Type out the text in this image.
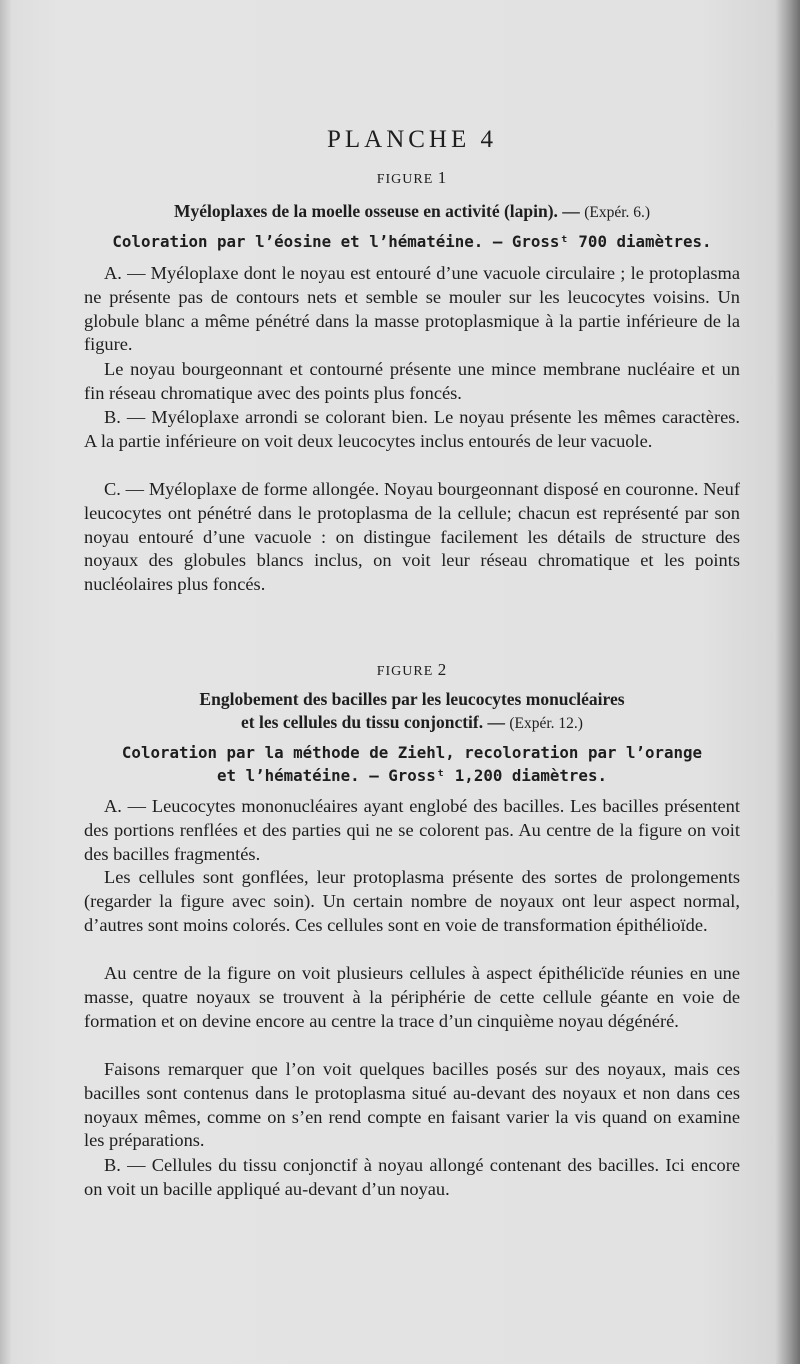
PLANCHE 4
FIGURE 1
Myéloplaxes de la moelle osseuse en activité (lapin). — (Expér. 6.)
Coloration par l’éosine et l’hématéine. — Grossᵗ 700 diamètres.
A. — Myéloplaxe dont le noyau est entouré d’une vacuole circulaire ; le protoplasma ne présente pas de contours nets et semble se mouler sur les leucocytes voisins. Un globule blanc a même pénétré dans la masse protoplasmique à la partie inférieure de la figure.
Le noyau bourgeonnant et contourné présente une mince membrane nucléaire et un fin réseau chromatique avec des points plus foncés.
B. — Myéloplaxe arrondi se colorant bien. Le noyau présente les mêmes caractères. A la partie inférieure on voit deux leucocytes inclus entourés de leur vacuole.
C. — Myéloplaxe de forme allongée. Noyau bourgeonnant disposé en couronne. Neuf leucocytes ont pénétré dans le protoplasma de la cellule; chacun est représenté par son noyau entouré d’une vacuole : on distingue facilement les détails de structure des noyaux des globules blancs inclus, on voit leur réseau chromatique et les points nucléolaires plus foncés.
FIGURE 2
Englobement des bacilles par les leucocytes monucléaires
et les cellules du tissu conjonctif. — (Expér. 12.)
Coloration par la méthode de Ziehl, recoloration par l’orange
et l’hématéine. — Grossᵗ 1,200 diamètres.
A. — Leucocytes mononucléaires ayant englobé des bacilles. Les bacilles présentent des portions renflées et des parties qui ne se colorent pas. Au centre de la figure on voit des bacilles fragmentés.
Les cellules sont gonflées, leur protoplasma présente des sortes de prolongements (regarder la figure avec soin). Un certain nombre de noyaux ont leur aspect normal, d’autres sont moins colorés. Ces cellules sont en voie de transformation épithélioïde.
Au centre de la figure on voit plusieurs cellules à aspect épithélicïde réunies en une masse, quatre noyaux se trouvent à la périphérie de cette cellule géante en voie de formation et on devine encore au centre la trace d’un cinquième noyau dégénéré.
Faisons remarquer que l’on voit quelques bacilles posés sur des noyaux, mais ces bacilles sont contenus dans le protoplasma situé au-devant des noyaux et non dans ces noyaux mêmes, comme on s’en rend compte en faisant varier la vis quand on examine les préparations.
B. — Cellules du tissu conjonctif à noyau allongé contenant des bacilles. Ici encore on voit un bacille appliqué au-devant d’un noyau.
